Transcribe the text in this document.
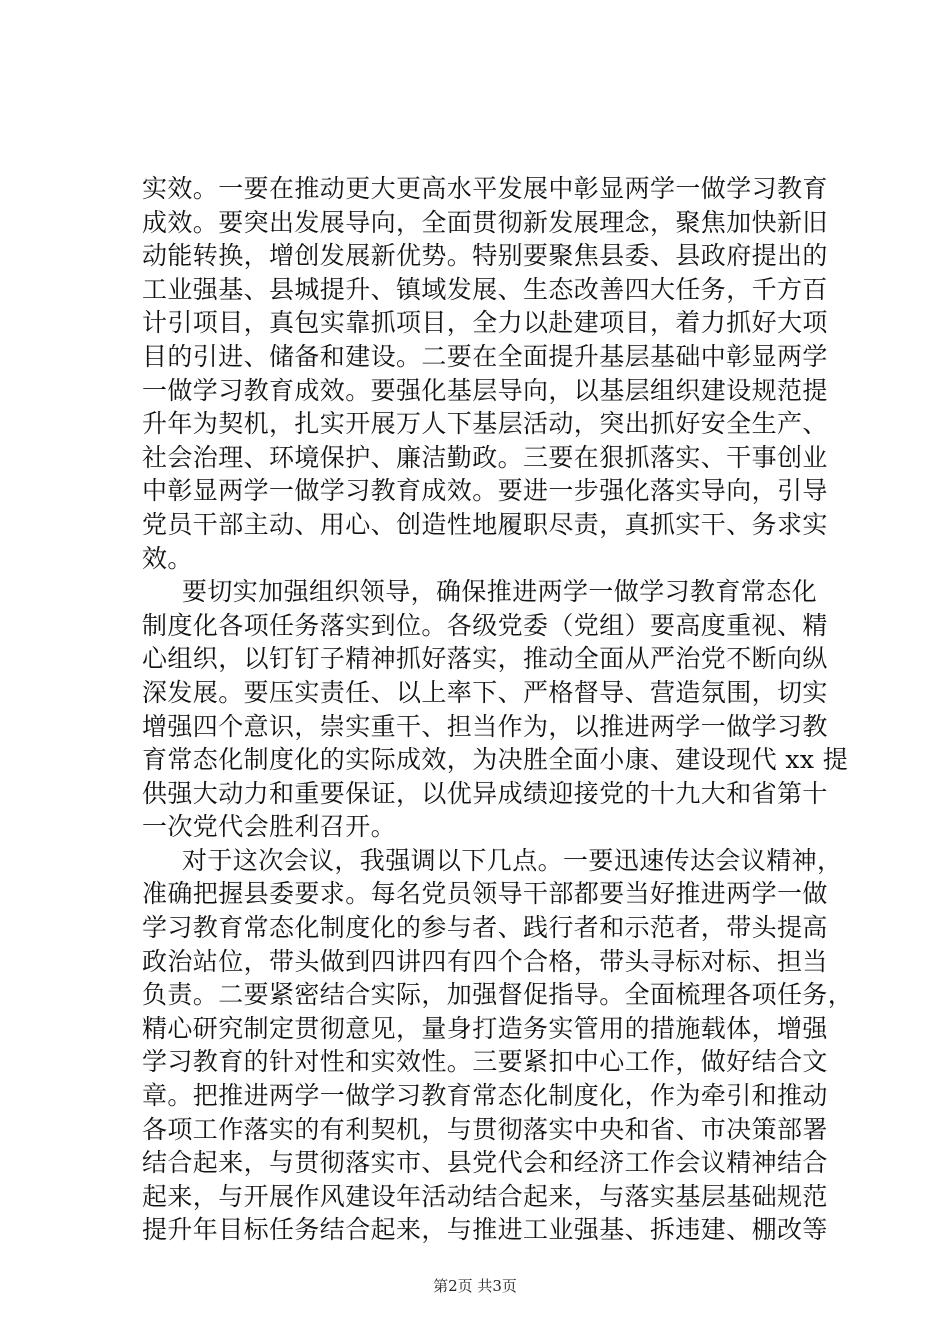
实效。一要在推动更大更高水平发展中彰显两学一做学习教育
成效。要突出发展导向，全面贯彻新发展理念，聚焦加快新旧
动能转换，增创发展新优势。特别要聚焦县委、县政府提出的
工业强基、县城提升、镇域发展、生态改善四大任务，千方百
计引项目，真包实靠抓项目，全力以赴建项目，着力抓好大项
目的引进、储备和建设。二要在全面提升基层基础中彰显两学
一做学习教育成效。要强化基层导向，以基层组织建设规范提
升年为契机，扎实开展万人下基层活动，突出抓好安全生产、
社会治理、环境保护、廉洁勤政。三要在狠抓落实、干事创业
中彰显两学一做学习教育成效。要进一步强化落实导向，引导
党员干部主动、用心、创造性地履职尽责，真抓实干、务求实
效。
要切实加强组织领导，确保推进两学一做学习教育常态化
制度化各项任务落实到位。各级党委（党组）要高度重视、精
心组织，以钉钉子精神抓好落实，推动全面从严治党不断向纵
深发展。要压实责任、以上率下、严格督导、营造氛围，切实
增强四个意识，崇实重干、担当作为，以推进两学一做学习教
育常态化制度化的实际成效，为决胜全面小康、建设现代 xx 提
供强大动力和重要保证，以优异成绩迎接党的十九大和省第十
一次党代会胜利召开。
对于这次会议，我强调以下几点。一要迅速传达会议精神，
准确把握县委要求。每名党员领导干部都要当好推进两学一做
学习教育常态化制度化的参与者、践行者和示范者，带头提高
政治站位，带头做到四讲四有四个合格，带头寻标对标、担当
负责。二要紧密结合实际，加强督促指导。全面梳理各项任务，
精心研究制定贯彻意见，量身打造务实管用的措施载体，增强
学习教育的针对性和实效性。三要紧扣中心工作，做好结合文
章。把推进两学一做学习教育常态化制度化，作为牵引和推动
各项工作落实的有利契机，与贯彻落实中央和省、市决策部署
结合起来，与贯彻落实市、县党代会和经济工作会议精神结合
起来，与开展作风建设年活动结合起来，与落实基层基础规范
提升年目标任务结合起来，与推进工业强基、拆违建、棚改等
第2页 共3页
